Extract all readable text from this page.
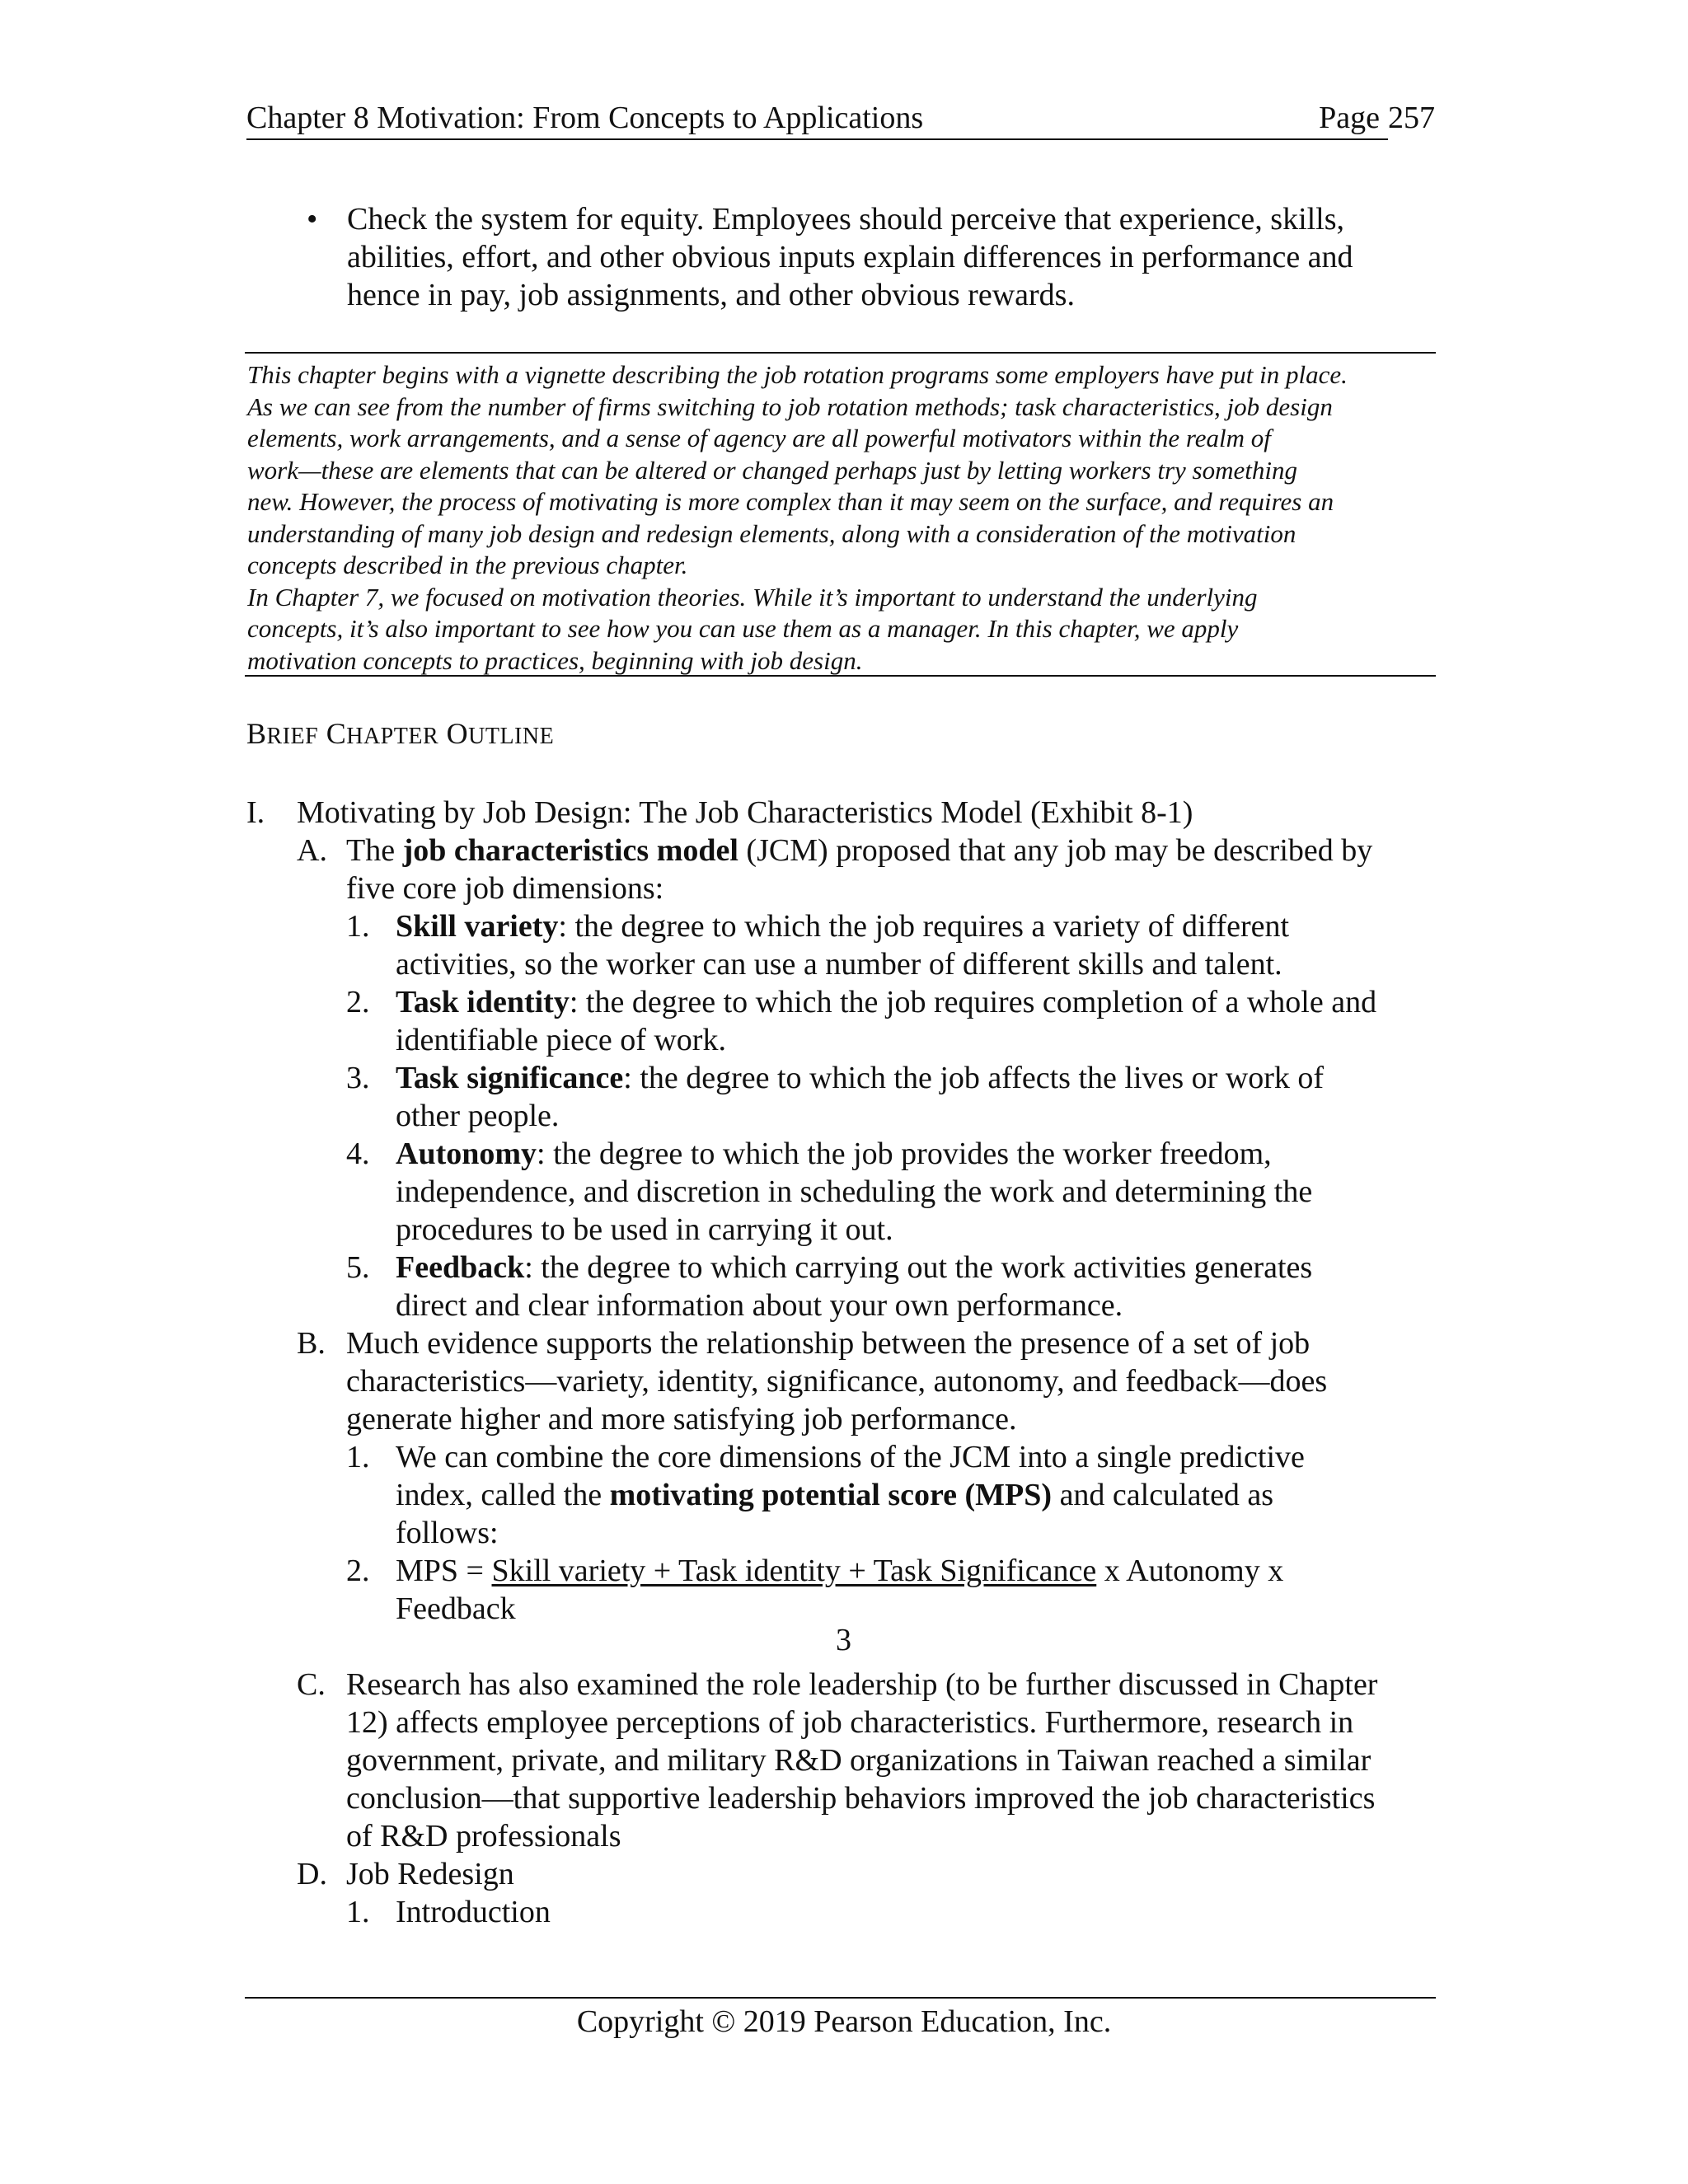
Chapter 8 Motivation: From Concepts to Applications	Page 257
• Check the system for equity. Employees should perceive that experience, skills,
abilities, effort, and other obvious inputs explain differences in performance and
hence in pay, job assignments, and other obvious rewards.
This chapter begins with a vignette describing the job rotation programs some employers have put in place.
As we can see from the number of firms switching to job rotation methods; task characteristics, job design
elements, work arrangements, and a sense of agency are all powerful motivators within the realm of
work—these are elements that can be altered or changed perhaps just by letting workers try something
new. However, the process of motivating is more complex than it may seem on the surface, and requires an
understanding of many job design and redesign elements, along with a consideration of the motivation
concepts described in the previous chapter.
In Chapter 7, we focused on motivation theories. While it’s important to understand the underlying
concepts, it’s also important to see how you can use them as a manager. In this chapter, we apply
motivation concepts to practices, beginning with job design.
BRIEF CHAPTER OUTLINE
I. Motivating by Job Design: The Job Characteristics Model (Exhibit 8-1)
A. The job characteristics model (JCM) proposed that any job may be described by
five core job dimensions:
1. Skill variety: the degree to which the job requires a variety of different
activities, so the worker can use a number of different skills and talent.
2. Task identity: the degree to which the job requires completion of a whole and
identifiable piece of work.
3. Task significance: the degree to which the job affects the lives or work of
other people.
4. Autonomy: the degree to which the job provides the worker freedom,
independence, and discretion in scheduling the work and determining the
procedures to be used in carrying it out.
5. Feedback: the degree to which carrying out the work activities generates
direct and clear information about your own performance.
B. Much evidence supports the relationship between the presence of a set of job
characteristics—variety, identity, significance, autonomy, and feedback—does
generate higher and more satisfying job performance.
1. We can combine the core dimensions of the JCM into a single predictive
index, called the motivating potential score (MPS) and calculated as
follows:
2. MPS = Skill variety + Task identity + Task Significance x Autonomy x
Feedback
C. Research has also examined the role leadership (to be further discussed in Chapter
12) affects employee perceptions of job characteristics. Furthermore, research in
government, private, and military R&D organizations in Taiwan reached a similar
conclusion—that supportive leadership behaviors improved the job characteristics
of R&D professionals
D. Job Redesign
1. Introduction
3
Copyright © 2019 Pearson Education, Inc.
